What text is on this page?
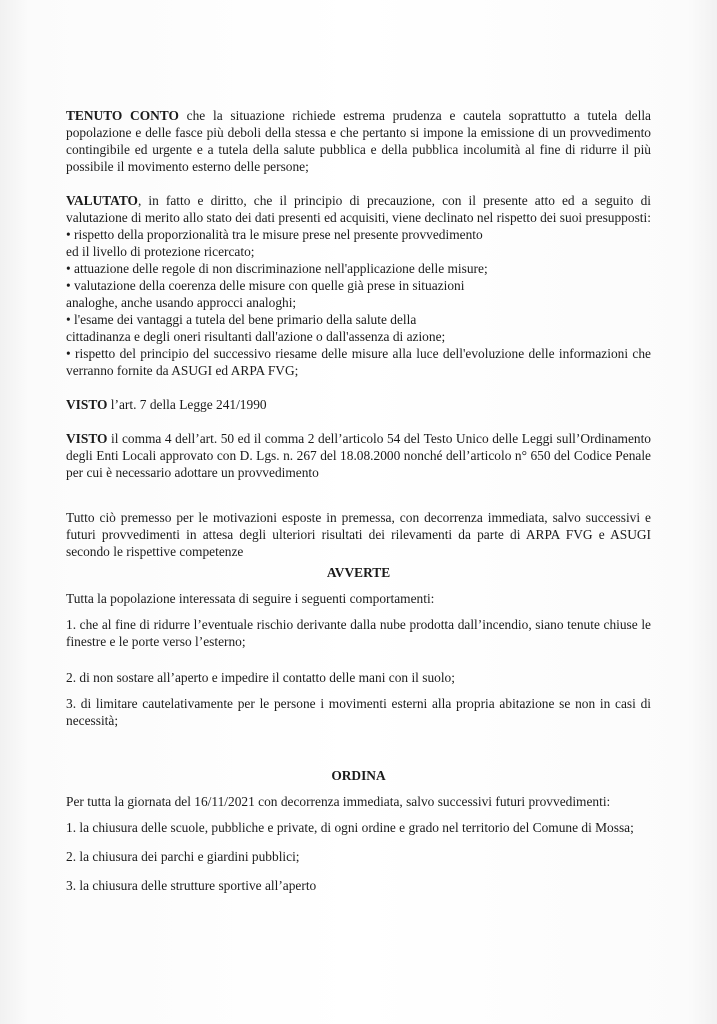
TENUTO CONTO che la situazione richiede estrema prudenza e cautela soprattutto a tutela della popolazione e delle fasce più deboli della stessa e che pertanto si impone la emissione di un provvedimento contingibile ed urgente e a tutela della salute pubblica e della pubblica incolumità al fine di ridurre il più possibile il movimento esterno delle persone;

VALUTATO, in fatto e diritto, che il principio di precauzione, con il presente atto ed a seguito di valutazione di merito allo stato dei dati presenti ed acquisiti, viene declinato nel rispetto dei suoi presupposti:

• rispetto della proporzionalità tra le misure prese nel presente provvedimento

ed il livello di protezione ricercato;

• attuazione delle regole di non discriminazione nell'applicazione delle misure;

• valutazione della coerenza delle misure con quelle già prese in situazioni

analoghe, anche usando approcci analoghi;

• l'esame dei vantaggi a tutela del bene primario della salute della

cittadinanza e degli oneri risultanti dall'azione o dall'assenza di azione;

• rispetto del principio del successivo riesame delle misure alla luce dell'evoluzione delle informazioni che verranno fornite da ASUGI ed ARPA FVG;

VISTO l’art. 7 della Legge 241/1990

VISTO il comma 4 dell’art. 50 ed il comma 2 dell’articolo 54 del Testo Unico delle Leggi sull’Ordinamento degli Enti Locali approvato con D. Lgs. n. 267 del 18.08.2000 nonché dell’articolo n° 650 del Codice Penale per cui è necessario adottare un provvedimento

Tutto ciò premesso per le motivazioni esposte in premessa, con decorrenza immediata, salvo successivi e futuri provvedimenti in attesa degli ulteriori risultati dei rilevamenti da parte di ARPA FVG e ASUGI secondo le rispettive competenze

AVVERTE

Tutta la popolazione interessata di seguire i seguenti comportamenti:

1. che al fine di ridurre l’eventuale rischio derivante dalla nube prodotta dall’incendio, siano tenute chiuse le finestre e le porte verso l’esterno;

2. di non sostare all’aperto e impedire il contatto delle mani con il suolo;

3. di limitare cautelativamente per le persone i movimenti esterni alla propria abitazione se non in casi di necessità;

ORDINA

Per tutta la giornata del 16/11/2021 con decorrenza immediata, salvo successivi futuri provvedimenti:

1. la chiusura delle scuole, pubbliche e private, di ogni ordine e grado nel territorio del Comune di Mossa;

2. la chiusura dei parchi e giardini pubblici;

3. la chiusura delle strutture sportive all’aperto
